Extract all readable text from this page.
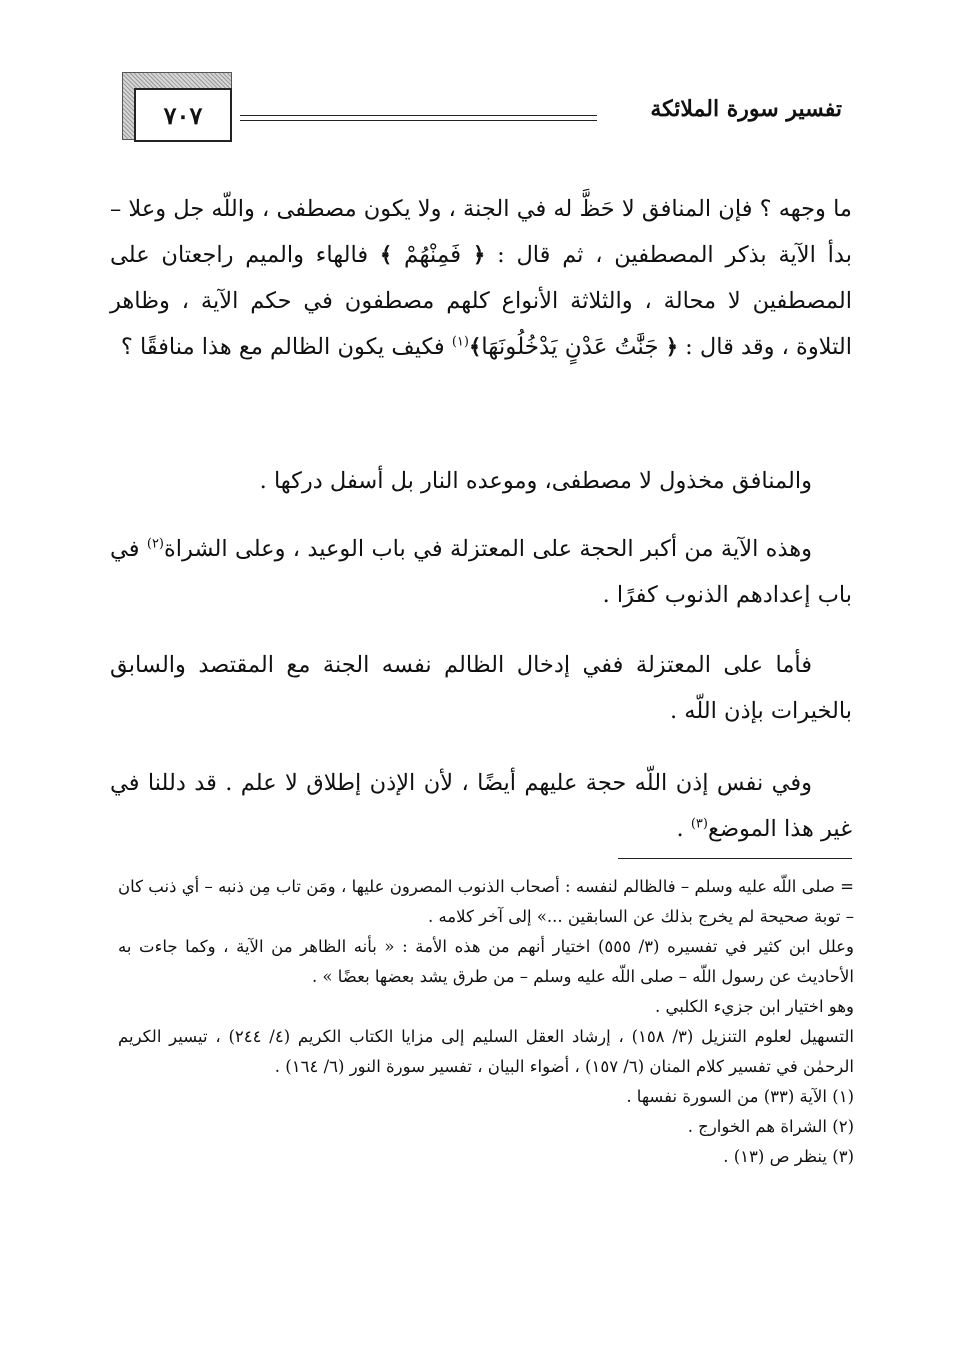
٧٠٧	تفسير سورة الملائكة

ما وجهه ؟ فإن المنافق لا حَظَّ له في الجنة ، ولا يكون مصطفى ، واللّه جل وعلا – بدأ الآية بذكر المصطفين ، ثم قال : ﴿ فَمِنْهُمْ ﴾ فالهاء والميم راجعتان على المصطفين لا محالة ، والثلاثة الأنواع كلهم مصطفون في حكم الآية ، وظاهر التلاوة ، وقد قال : ﴿ جَنَّٰتُ عَدْنٍ يَدْخُلُونَهَا﴾$^{(١)}$ فكيف يكون الظالم مع هذا منافقًا ؟

والمنافق مخذول لا مصطفى، وموعده النار بل أسفل دركها .

وهذه الآية من أكبر الحجة على المعتزلة في باب الوعيد ، وعلى الشراة$^{(٢)}$ في باب إعدادهم الذنوب كفرًا .

فأما على المعتزلة ففي إدخال الظالم نفسه الجنة مع المقتصد والسابق بالخيرات بإذن اللّه .

وفي نفس إذن اللّه حجة عليهم أيضًا ، لأن الإذن إطلاق لا علم . قد دللنا في غير هذا الموضع$^{(٣)}$ .

= صلى اللّه عليه وسلم – فالظالم لنفسه : أصحاب الذنوب المصرون عليها ، ومَن تاب مِن ذنبه – أي ذنب كان – توبة صحيحة لم يخرج بذلك عن السابقين ...» إلى آخر كلامه .

وعلل ابن كثير في تفسيره (٣/ ٥٥٥) اختيار أنهم من هذه الأمة : « بأنه الظاهر من الآية ، وكما جاءت به الأحاديث عن رسول اللّه – صلى اللّه عليه وسلم – من طرق يشد بعضها بعضًا » .

وهو اختيار ابن جزيء الكلبي .

التسهيل لعلوم التنزيل (٣/ ١٥٨) ، إرشاد العقل السليم إلى مزايا الكتاب الكريم (٤/ ٢٤٤) ، تيسير الكريم الرحمٰن في تفسير كلام المنان (٦/ ١٥٧) ، أضواء البيان ، تفسير سورة النور (٦/ ١٦٤) .

(١) الآية (٣٣) من السورة نفسها .

(٢) الشراة هم الخوارج .

(٣) ينظر ص (١٣) .
